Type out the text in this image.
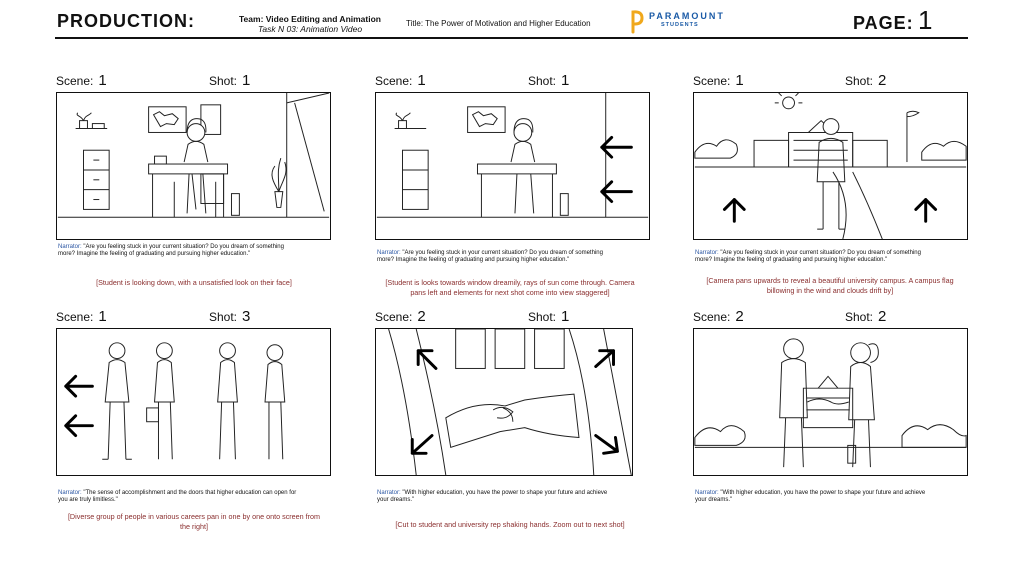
PRODUCTION:	Team: Video Editing and Animation
Task N 03: Animation Video
Title: The Power of Motivation and Higher Education
PARAMOUNT
STUDENTS	PAGE: 1
Scene: 1	Shot: 1
Narrator: "Are you feeling stuck in your current situation? Do you dream of something more? Imagine the feeling of graduating and pursuing higher education."
[Student is looking down, with a unsatisfied look on their face]
Scene: 1	Shot: 1
Narrator: "Are you feeling stuck in your current situation? Do you dream of something more? Imagine the feeling of graduating and pursuing higher education."
[Student is looks towards window dreamily, rays of sun come through. Camera pans left and elements for next shot come into view staggered]
Scene: 1	Shot: 2
Narrator: "Are you feeling stuck in your current situation? Do you dream of something more? Imagine the feeling of graduating and pursuing higher education."
[Camera pans upwards to reveal a beautiful university campus. A campus flag billowing in the wind and clouds drift by]
Scene: 1	Shot: 3
Narrator: "The sense of accomplishment and the doors that higher education can open for you are truly limitless."
[Diverse group of people in various careers pan in one by one onto screen from the right]
Scene: 2	Shot: 1
Narrator: "With higher education, you have the power to shape your future and achieve your dreams."
[Cut to student and university rep shaking hands. Zoom out to next shot]
Scene: 2	Shot: 2
Narrator: "With higher education, you have the power to shape your future and achieve your dreams."
